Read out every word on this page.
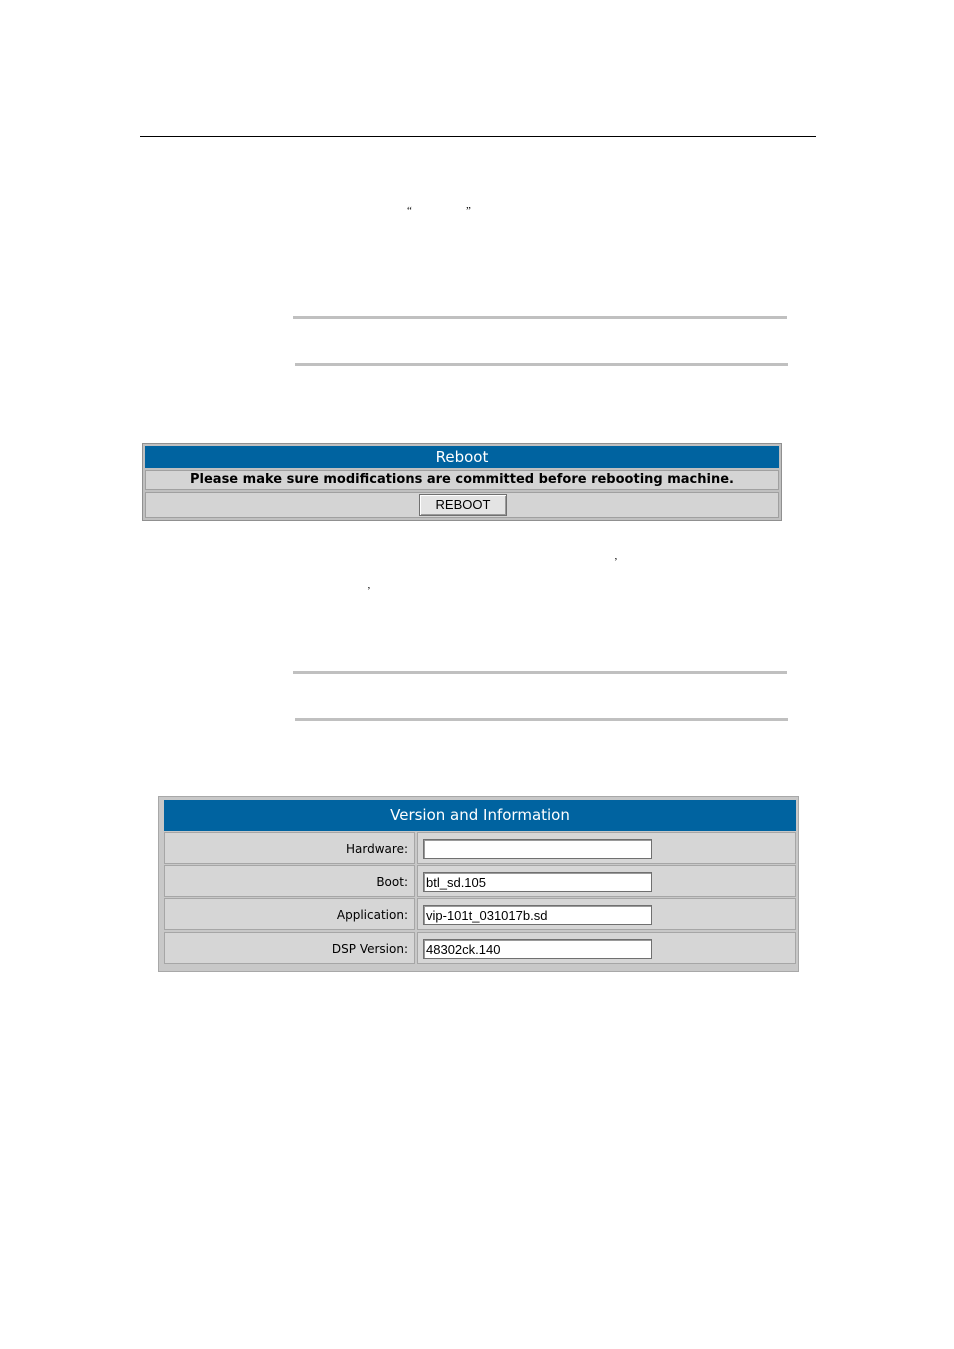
“	”
Reboot
Please make sure modifications are committed before rebooting machine.
REBOOT
’
’
Version and Information
Hardware:
Boot:
btl_sd.105
Application:
vip-101t_031017b.sd
DSP Version:
48302ck.140
